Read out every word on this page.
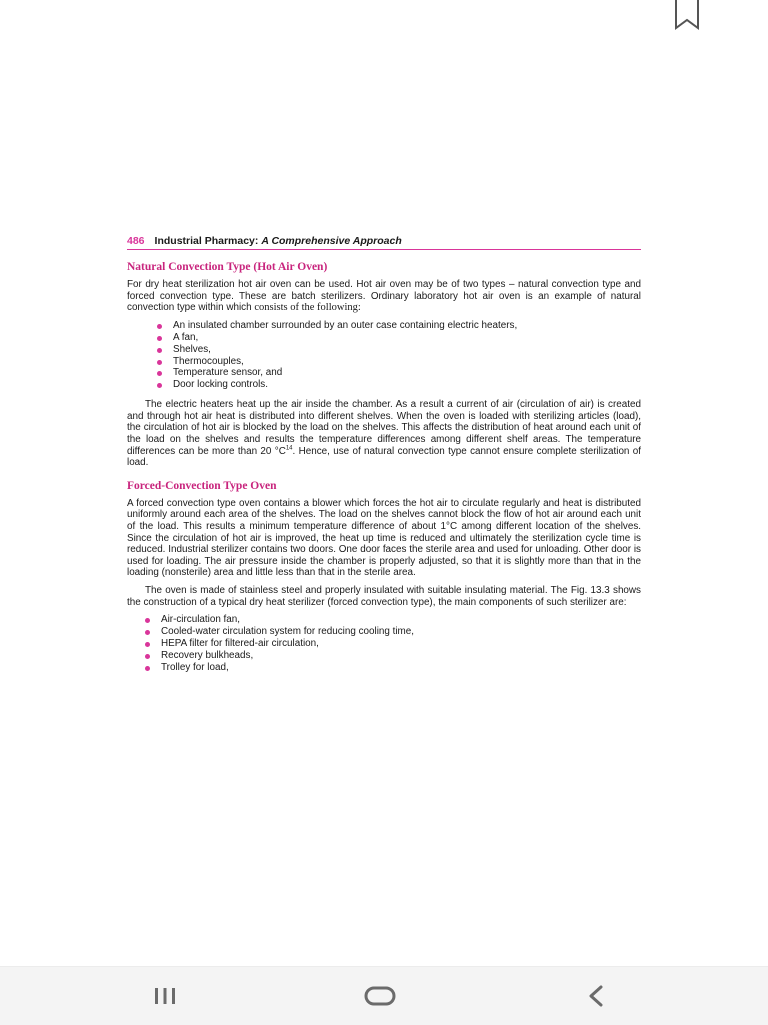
486 Industrial Pharmacy: A Comprehensive Approach
Natural Convection Type (Hot Air Oven)

For dry heat sterilization hot air oven can be used. Hot air oven may be of two types – natural convection type and forced convection type. These are batch sterilizers. Ordinary laboratory hot air oven is an example of natural convection type within which consists of the following:

An insulated chamber surrounded by an outer case containing electric heaters,
A fan,
Shelves,
Thermocouples,
Temperature sensor, and
Door locking controls.

The electric heaters heat up the air inside the chamber. As a result a current of air (circulation of air) is created and through hot air heat is distributed into different shelves. When the oven is loaded with sterilizing articles (load), the circulation of hot air is blocked by the load on the shelves. This affects the distribution of heat around each unit of the load on the shelves and results the temperature differences among different shelf areas. The temperature differences can be more than 20 $^\circ C^{14}$. Hence, use of natural convection type cannot ensure complete sterilization of load.

Forced-Convection Type Oven

A forced convection type oven contains a blower which forces the hot air to circulate regularly and heat is distributed uniformly around each area of the shelves. The load on the shelves cannot block the flow of hot air around each unit of the load. This results a minimum temperature difference of about 1°C among different location of the shelves. Since the circulation of hot air is improved, the heat up time is reduced and ultimately the sterilization cycle time is reduced. Industrial sterilizer contains two doors. One door faces the sterile area and used for unloading. Other door is used for loading. The air pressure inside the chamber is properly adjusted, so that it is slightly more than that in the loading (nonsterile) area and little less than that in the sterile area.

The oven is made of stainless steel and properly insulated with suitable insulating material. The Fig. 13.3 shows the construction of a typical dry heat sterilizer (forced convection type), the main components of such sterilizer are:

Air-circulation fan,
Cooled-water circulation system for reducing cooling time,
HEPA filter for filtered-air circulation,
Recovery bulkheads,
Trolley for load,
